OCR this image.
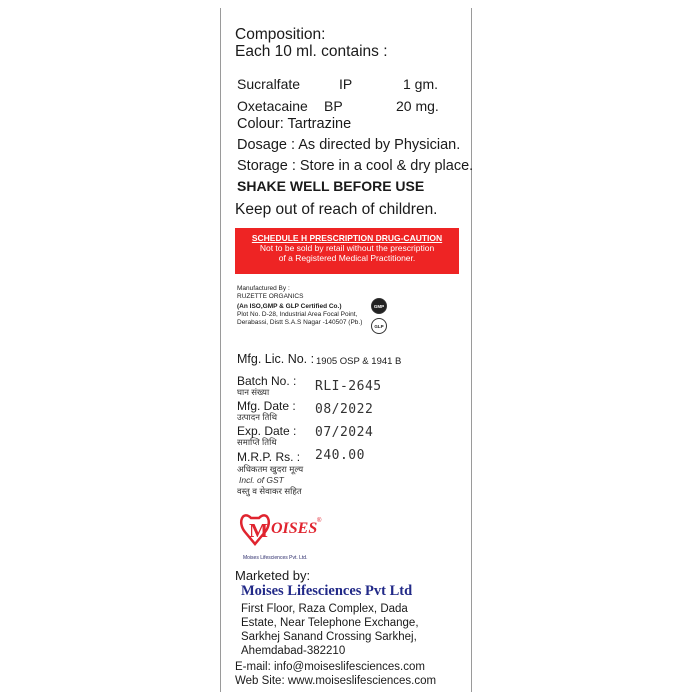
Composition:
Each 10 ml. contains :
Sucralfate	IP	1 gm.
Oxetacaine BP	20 mg.
Colour: Tartrazine
Dosage : As directed by Physician.
Storage : Store in a cool & dry place.
SHAKE WELL BEFORE USE
Keep out of reach of children.
SCHEDULE H PRESCRIPTION DRUG-CAUTION
Not to be sold by retail without the prescription
of a Registered Medical Practitioner.
Manufactured By :
RUZETTE ORGANICS
(An ISO,GMP & GLP Certified Co.)
Plot No. D-28, Industrial Area Focal Point,
Derabassi, Distt S.A.S Nagar -140507 (Pb.)
GMP
GLP
Mfg. Lic. No. : 1905 OSP & 1941 B
Batch No. :
घान संख्या	RLI-2645
Mfg. Date :
उत्पादन तिथि	08/2022
Exp. Date :
समाप्ति तिथि
07/2024
M.R.P. Rs. :
अधिकतम खुदरा मूल्य
240.00
Incl. of GST
वस्तु व सेवाकर सहित
M OISES ®
Moises Lifesciences Pvt. Ltd.
Marketed by:
Moises Lifesciences Pvt Ltd
First Floor, Raza Complex, Dada
Estate, Near Telephone Exchange,
Sarkhej Sanand Crossing Sarkhej,
Ahemdabad-382210
E-mail: info@moiseslifesciences.com
Web Site: www.moiseslifesciences.com
